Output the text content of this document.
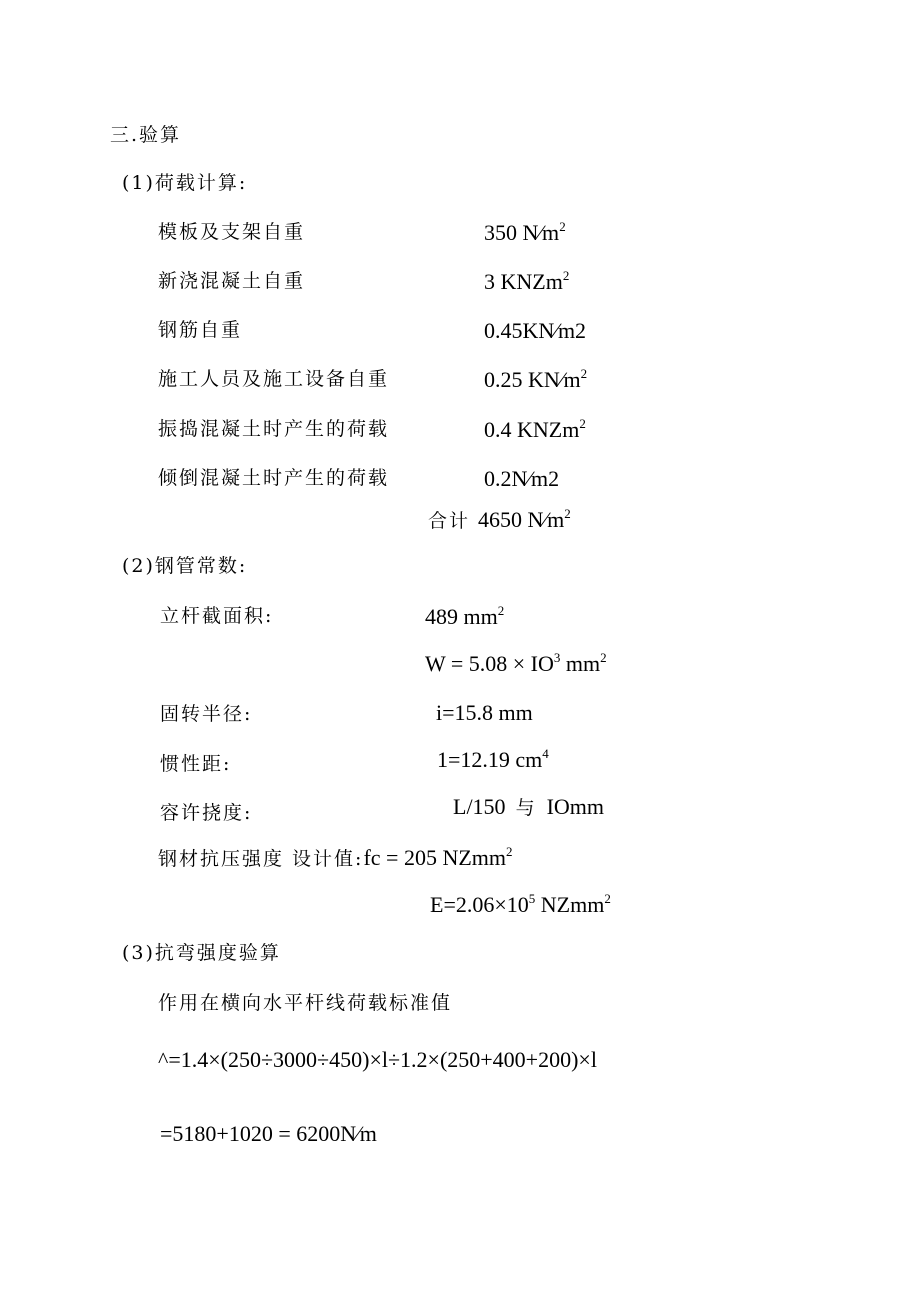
三.验算
(1)荷载计算:
模板及支架自重	350 $N∕m^2$
新浇混凝土自重	3 KNZm$^2$
钢筋自重	0.45KN∕m2
施工人员及施工设备自重	0.25 $KN∕m^2$
振捣混凝土时产生的荷载	0.4 KNZm$^2$
倾倒混凝土时产生的荷载	0.2N∕m2
合计 4650 $N∕m^2$
(2)钢管常数:
立杆截面积:	489 $mm^2$
$W = 5.08 \times IO^3$ $mm^2$
固转半径:	i=15.8 mm
惯性距:	1=12.19 $cm^4$
容许挠度:	L/150 与 IOmm
钢材抗压强度 设计值:fc = 205 NZmm$^2$
$E=2.06\times 10^5$ NZmm$^2$
(3)抗弯强度验算
作用在横向水平杆线荷载标准值
^=1.4×(250÷3000÷450)×l÷1.2×(250+400+200)×l
=5180+1020 = 6200N∕m
